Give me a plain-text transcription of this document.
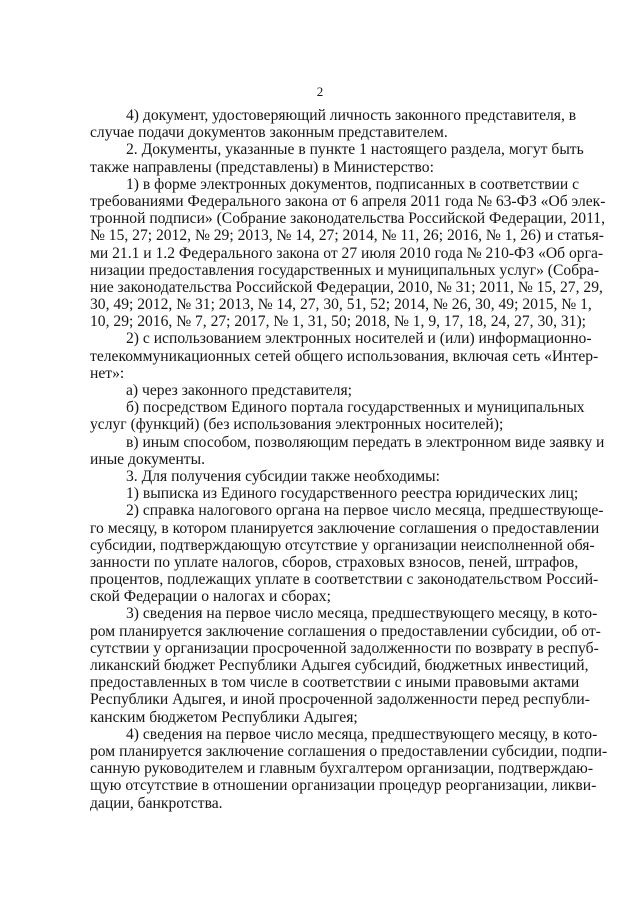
2
4) документ, удостоверяющий личность законного представителя, в
случае подачи документов законным представителем.
2. Документы, указанные в пункте 1 настоящего раздела, могут быть
также направлены (представлены) в Министерство:
1) в форме электронных документов, подписанных в соответствии с
требованиями Федерального закона от 6 апреля 2011 года № 63-ФЗ «Об элек-
тронной подписи» (Собрание законодательства Российской Федерации, 2011,
№ 15, 27; 2012, № 29; 2013, № 14, 27; 2014, № 11, 26; 2016, № 1, 26) и статья-
ми 21.1 и 1.2 Федерального закона от 27 июля 2010 года № 210-ФЗ «Об орга-
низации предоставления государственных и муниципальных услуг» (Собра-
ние законодательства Российской Федерации, 2010, № 31; 2011, № 15, 27, 29,
30, 49; 2012, № 31; 2013, № 14, 27, 30, 51, 52; 2014, № 26, 30, 49; 2015, № 1,
10, 29; 2016, № 7, 27; 2017, № 1, 31, 50; 2018, № 1, 9, 17, 18, 24, 27, 30, 31);
2) с использованием электронных носителей и (или) информационно-
телекоммуникационных сетей общего использования, включая сеть «Интер-
нет»:
а) через законного представителя;
б) посредством Единого портала государственных и муниципальных
услуг (функций) (без использования электронных носителей);
в) иным способом, позволяющим передать в электронном виде заявку и
иные документы.
3. Для получения субсидии также необходимы:
1) выписка из Единого государственного реестра юридических лиц;
2) справка налогового органа на первое число месяца, предшествующе-
го месяцу, в котором планируется заключение соглашения о предоставлении
субсидии, подтверждающую отсутствие у организации неисполненной обя-
занности по уплате налогов, сборов, страховых взносов, пеней, штрафов,
процентов, подлежащих уплате в соответствии с законодательством Россий-
ской Федерации о налогах и сборах;
3) сведения на первое число месяца, предшествующего месяцу, в кото-
ром планируется заключение соглашения о предоставлении субсидии, об от-
сутствии у организации просроченной задолженности по возврату в респуб-
ликанский бюджет Республики Адыгея субсидий, бюджетных инвестиций,
предоставленных в том числе в соответствии с иными правовыми актами
Республики Адыгея, и иной просроченной задолженности перед республи-
канским бюджетом Республики Адыгея;
4) сведения на первое число месяца, предшествующего месяцу, в кото-
ром планируется заключение соглашения о предоставлении субсидии, подпи-
санную руководителем и главным бухгалтером организации, подтверждаю-
щую отсутствие в отношении организации процедур реорганизации, ликви-
дации, банкротства.
